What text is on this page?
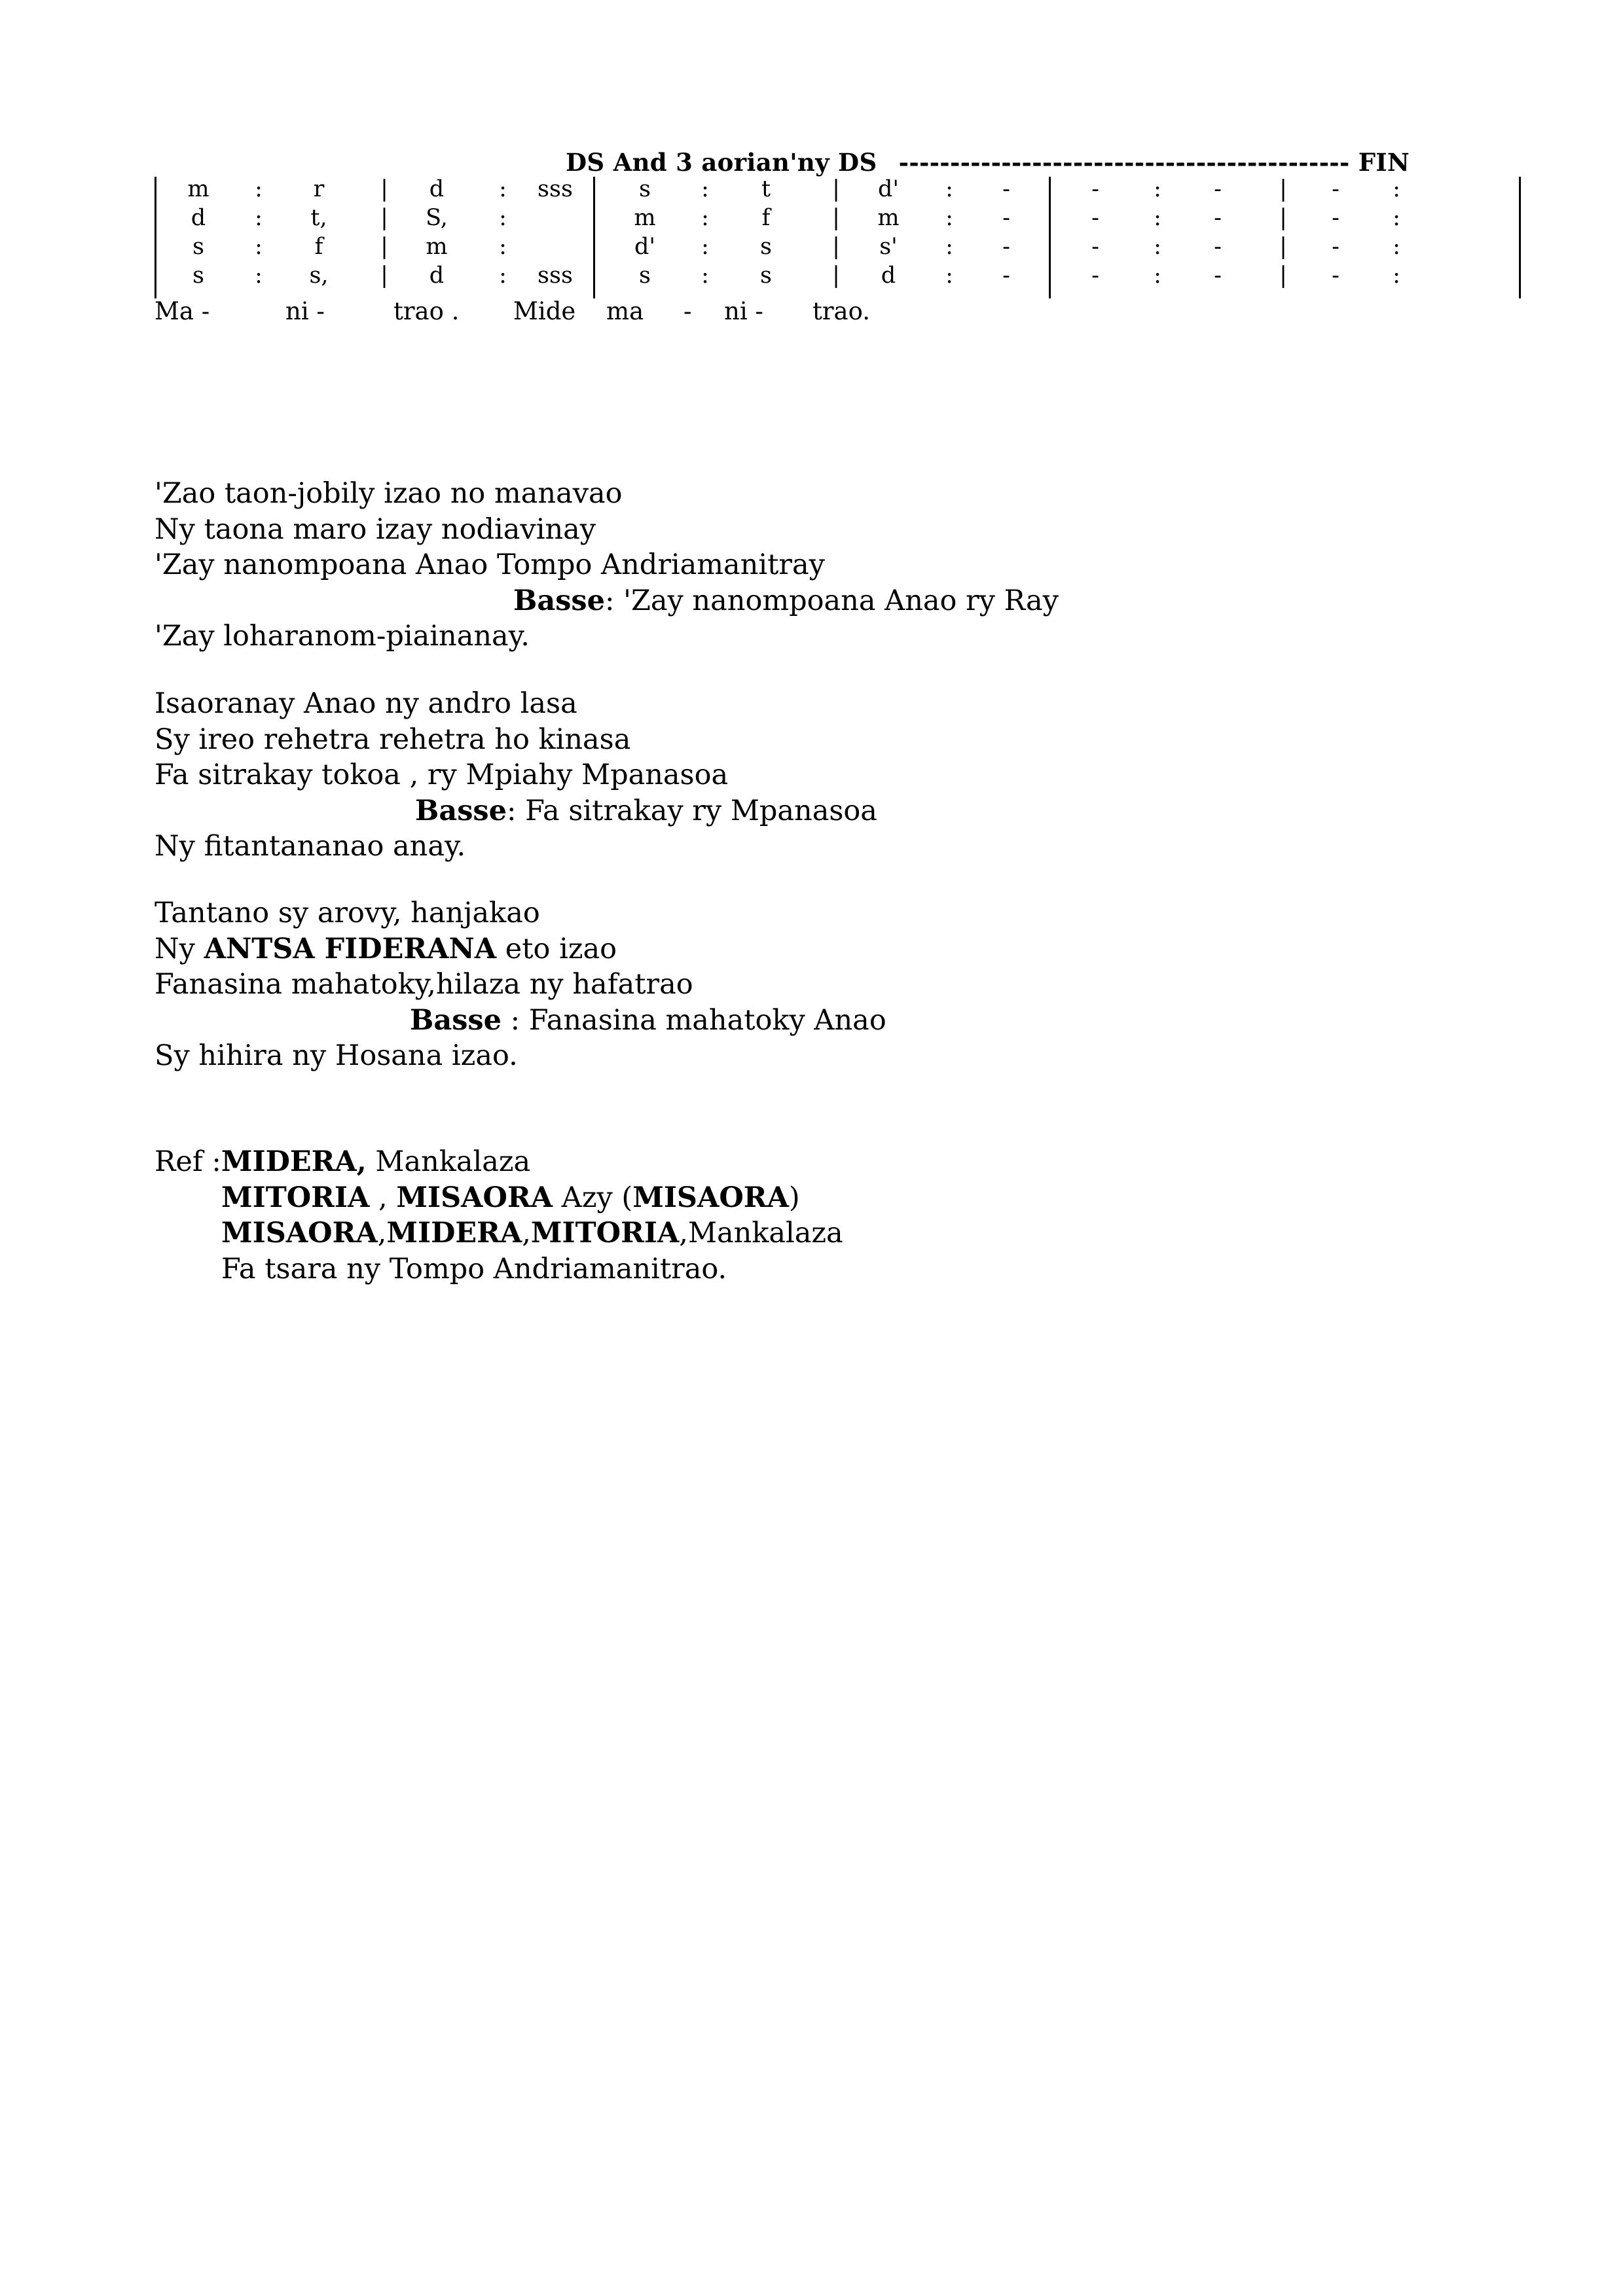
DS And 3 aorian'ny DS -------------------------------------------- FIN
m : r | d : sss	s : t	| d' : -	- : -	| - :
d : t, | S, :	m : f	| m : -	- : -	| - :
s : f	| m :	d' : s	| s' : -	- : -	| - :
s : s, | d : sss	s : s	| d : -	- : -	| - :
Ma -	ni -	trao . Mide ma - ni - trao.
'Zao taon-jobily izao no manavao
Ny taona maro izay nodiavinay
'Zay nanompoana Anao Tompo Andriamanitray
Basse: 'Zay nanompoana Anao ry Ray
'Zay loharanom-piainanay.
Isaoranay Anao ny andro lasa
Sy ireo rehetra rehetra ho kinasa
Fa sitrakay tokoa , ry Mpiahy Mpanasoa
Basse: Fa sitrakay ry Mpanasoa
Ny fitantananao anay.
Tantano sy arovy, hanjakao
Ny ANTSA FIDERANA eto izao
Fanasina mahatoky,hilaza ny hafatrao
Basse : Fanasina mahatoky Anao
Sy hihira ny Hosana izao.
Ref :MIDERA, Mankalaza
MITORIA , MISAORA Azy (MISAORA)
MISAORA,MIDERA,MITORIA,Mankalaza
Fa tsara ny Tompo Andriamanitrao.
